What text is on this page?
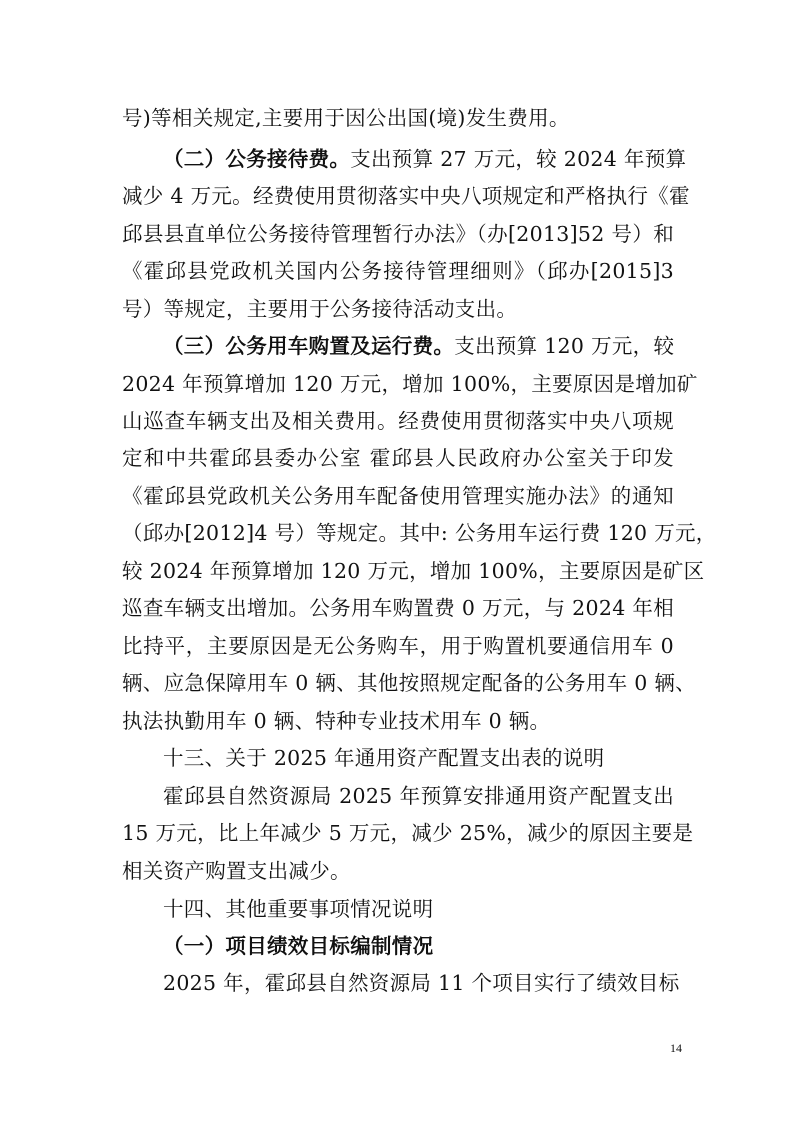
号)等相关规定,主要用于因公出国(境)发生费用。
（二）公务接待费。支出预算 27 万元，较 2024 年预算
减少 4 万元。经费使用贯彻落实中央八项规定和严格执行《霍
邱县县直单位公务接待管理暂行办法》（办[2013]52 号）和
《霍邱县党政机关国内公务接待管理细则》（邱办[2015]3
号）等规定，主要用于公务接待活动支出。
（三）公务用车购置及运行费。支出预算 120 万元，较
2024 年预算增加 120 万元，增加 100%，主要原因是增加矿
山巡查车辆支出及相关费用。经费使用贯彻落实中央八项规
定和中共霍邱县委办公室 霍邱县人民政府办公室关于印发
《霍邱县党政机关公务用车配备使用管理实施办法》的通知
（邱办[2012]4 号）等规定。其中: 公务用车运行费 120 万元，
较 2024 年预算增加 120 万元，增加 100%，主要原因是矿区
巡查车辆支出增加。公务用车购置费 0 万元，与 2024 年相
比持平，主要原因是无公务购车，用于购置机要通信用车 0
辆、应急保障用车 0 辆、其他按照规定配备的公务用车 0 辆、
执法执勤用车 0 辆、特种专业技术用车 0 辆。
十三、关于 2025 年通用资产配置支出表的说明
霍邱县自然资源局 2025 年预算安排通用资产配置支出
15 万元，比上年减少 5 万元，减少 25%，减少的原因主要是
相关资产购置支出减少。
十四、其他重要事项情况说明
（一）项目绩效目标编制情况
2025 年，霍邱县自然资源局 11 个项目实行了绩效目标
14
